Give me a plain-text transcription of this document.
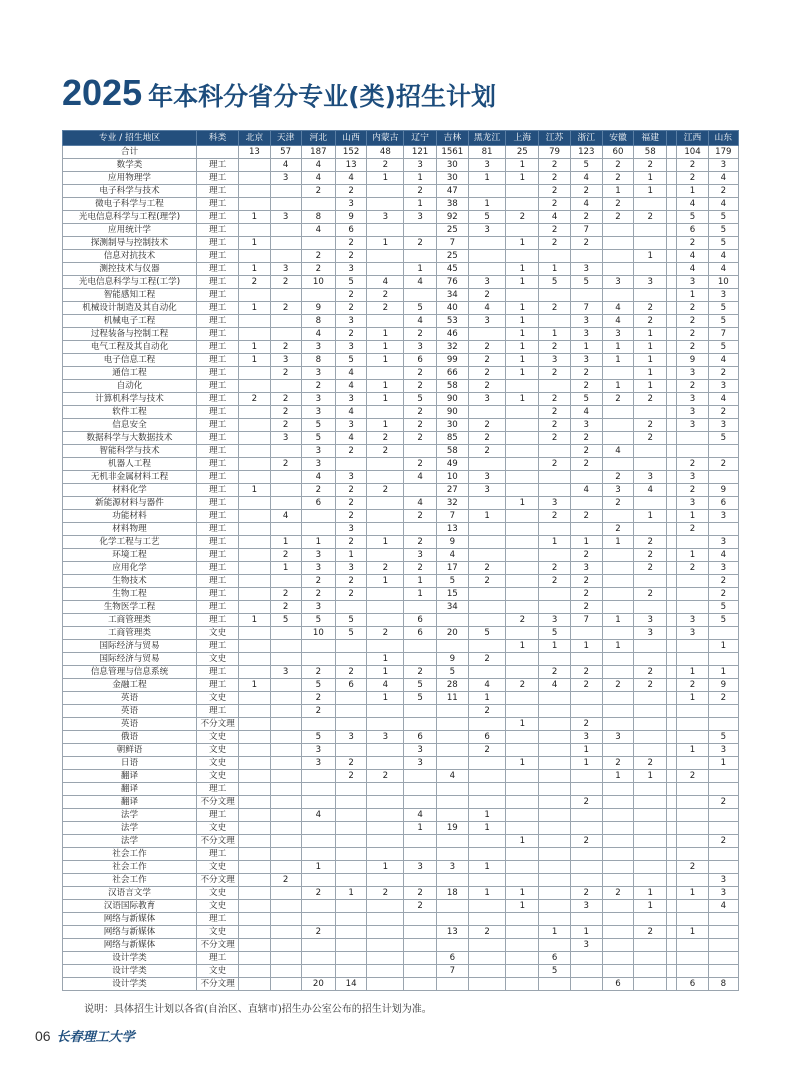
2025 年本科分省分专业(类)招生计划
专业 / 招生地区	科类	北京	天津	河北	山西	内蒙古	辽宁	吉林	黑龙江	上海	江苏	浙江	安徽	福建		江西	山东
合计		13	57	187	152	48	121	1561	81	25	79	123	60	58		104	179
数学类	理工		4	4	13	2	3	30	3	1	2	5	2	2		2	3
应用物理学	理工		3	4	4	1	1	30	1	1	2	4	2	1		2	4
电子科学与技术	理工			2	2		2	47			2	2	1	1		1	2
微电子科学与工程	理工				3		1	38	1		2	4	2			4	4
光电信息科学与工程(理学)	理工	1	3	8	9	3	3	92	5	2	4	2	2	2		5	5
应用统计学	理工			4	6			25	3		2	7				6	5
探测制导与控制技术	理工	1			2	1	2	7		1	2	2				2	5
信息对抗技术	理工			2	2			25						1		4	4
测控技术与仪器	理工	1	3	2	3		1	45		1	1	3				4	4
光电信息科学与工程(工学)	理工	2	2	10	5	4	4	76	3	1	5	5	3	3		3	10
智能感知工程	理工				2	2		34	2							1	3
机械设计制造及其自动化	理工	1	2	9	2	2	5	40	4	1	2	7	4	2		2	5
机械电子工程	理工			8	3		4	53	3	1		3	4	2		2	5
过程装备与控制工程	理工			4	2	1	2	46		1	1	3	3	1		2	7
电气工程及其自动化	理工	1	2	3	3	1	3	32	2	1	2	1	1	1		2	5
电子信息工程	理工	1	3	8	5	1	6	99	2	1	3	3	1	1		9	4
通信工程	理工		2	3	4		2	66	2	1	2	2		1		3	2
自动化	理工			2	4	1	2	58	2			2	1	1		2	3
计算机科学与技术	理工	2	2	3	3	1	5	90	3	1	2	5	2	2		3	4
软件工程	理工		2	3	4		2	90			2	4				3	2
信息安全	理工		2	5	3	1	2	30	2		2	3		2		3	3
数据科学与大数据技术	理工		3	5	4	2	2	85	2		2	2		2			5
智能科学与技术	理工			3	2	2		58	2			2	4				
机器人工程	理工		2	3			2	49			2	2				2	2
无机非金属材料工程	理工			4	3		4	10	3				2	3		3	
材料化学	理工	1		2	2	2		27	3			4	3	4		2	9
新能源材料与器件	理工			6	2		4	32		1	3		2			3	6
功能材料	理工		4		2		2	7	1		2	2		1		1	3
材料物理	理工				3			13					2			2	
化学工程与工艺	理工		1	1	2	1	2	9			1	1	1	2			3
环境工程	理工		2	3	1		3	4				2		2		1	4
应用化学	理工		1	3	3	2	2	17	2		2	3		2		2	3
生物技术	理工			2	2	1	1	5	2		2	2					2
生物工程	理工		2	2	2		1	15				2		2			2
生物医学工程	理工		2	3				34				2					5
工商管理类	理工	1	5	5	5		6			2	3	7	1	3		3	5
工商管理类	文史			10	5	2	6	20	5		5			3		3	
国际经济与贸易	理工									1	1	1	1				1
国际经济与贸易	文史					1		9	2								
信息管理与信息系统	理工		3	2	2	1	2	5			2	2		2		1	1
金融工程	理工	1		5	6	4	5	28	4	2	4	2	2	2		2	9
英语	文史			2		1	5	11	1							1	2
英语	理工			2					2								
英语	不分文理									1		2					
俄语	文史			5	3	3	6		6			3	3				5
朝鲜语	文史			3			3		2			1				1	3
日语	文史			3	2		3			1		1	2	2			1
翻译	文史				2	2		4					1	1		2	
翻译	理工																
翻译	不分文理											2					2
法学	理工			4			4		1								
法学	文史						1	19	1								
法学	不分文理									1		2					2
社会工作	理工																
社会工作	文史			1		1	3	3	1							2	
社会工作	不分文理		2														3
汉语言文学	文史			2	1	2	2	18	1	1		2	2	1		1	3
汉语国际教育	文史						2			1		3		1			4
网络与新媒体	理工																
网络与新媒体	文史			2				13	2		1	1		2		1	
网络与新媒体	不分文理											3					
设计学类	理工							6			6						
设计学类	文史							7			5						
设计学类	不分文理			20	14								6			6	8
说明：具体招生计划以各省(自治区、直辖市)招生办公室公布的招生计划为准。
06 长春理工大学
